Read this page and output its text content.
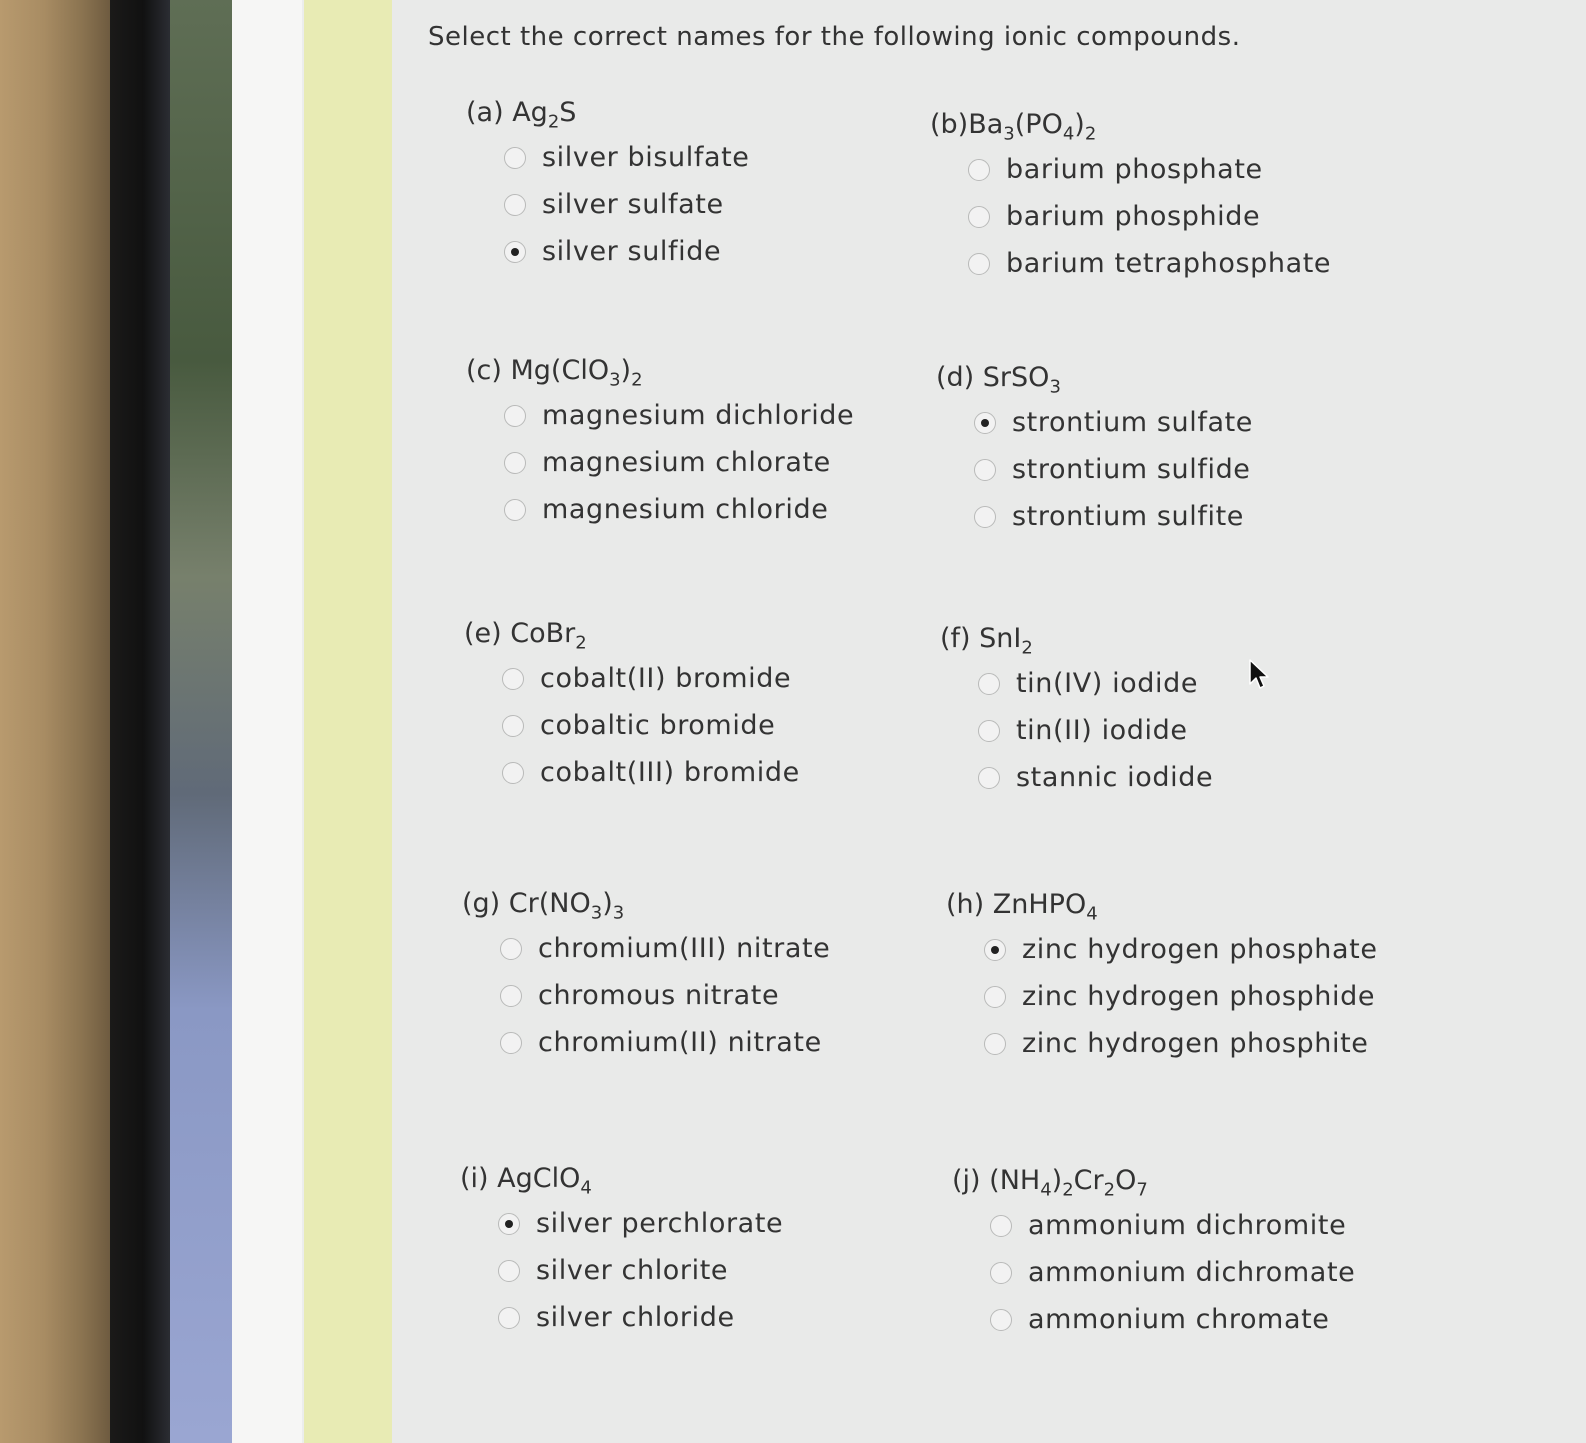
Select the correct names for the following ionic compounds.
(a) $Ag_2S$
silver bisulfate
silver sulfate
silver sulfide
$(b)Ba_3(PO_4)_2$
barium phosphate
barium phosphide
barium tetraphosphate
(c) $Mg(ClO_3)_2$
magnesium dichloride
magnesium chlorate
magnesium chloride
(d) SrSO$_3$
strontium sulfate
strontium sulfide
strontium sulfite
(e) CoBr$_2$
cobalt(II) bromide
cobaltic bromide
cobalt(III) bromide
(f) SnI$_2$
tin(IV) iodide
tin(II) iodide
stannic iodide
(g) $Cr(NO_3)_3$
chromium(III) nitrate
chromous nitrate
chromium(II) nitrate
(h) ZnHPO$_4$
zinc hydrogen phosphate
zinc hydrogen phosphide
zinc hydrogen phosphite
(i) AgClO$_4$
silver perchlorate
silver chlorite
silver chloride
(j) $(NH_4)_2Cr_2O_7$
ammonium dichromite
ammonium dichromate
ammonium chromate
